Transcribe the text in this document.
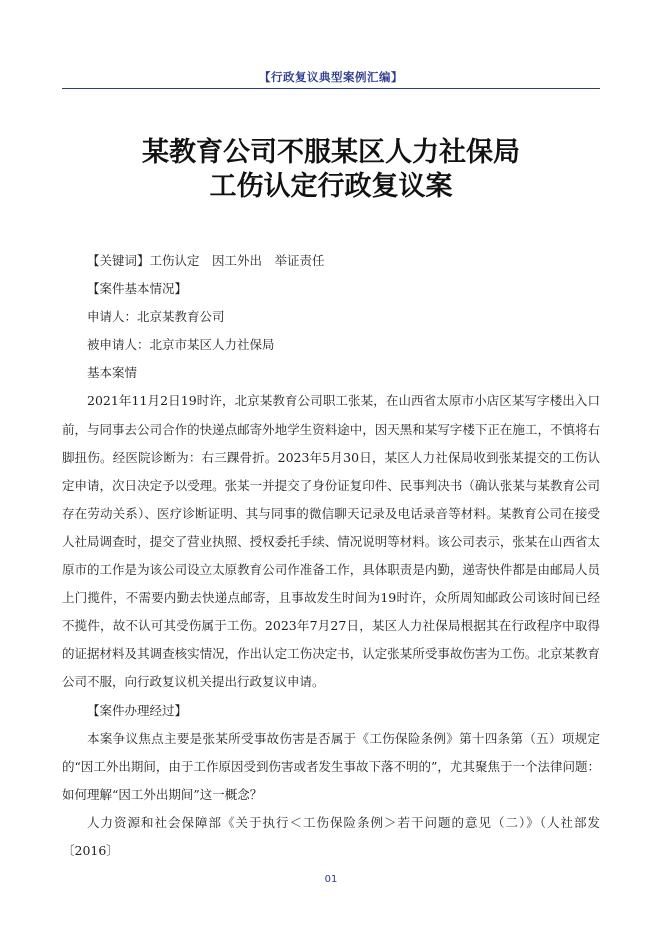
【行政复议典型案例汇编】
某教育公司不服某区人力社保局
工伤认定行政复议案

【关键词】工伤认定　因工外出　举证责任

【案件基本情况】

申请人：北京某教育公司

被申请人：北京市某区人力社保局

基本案情

2021年11月2日19时许，北京某教育公司职工张某，在山西省太原市小店区某写字楼出入口前，与同事去公司合作的快递点邮寄外地学生资料途中，因天黑和某写字楼下正在施工，不慎将右脚扭伤。经医院诊断为：右三踝骨折。2023年5月30日，某区人力社保局收到张某提交的工伤认定申请，次日决定予以受理。张某一并提交了身份证复印件、民事判决书（确认张某与某教育公司存在劳动关系）、医疗诊断证明、其与同事的微信聊天记录及电话录音等材料。某教育公司在接受人社局调查时，提交了营业执照、授权委托手续、情况说明等材料。该公司表示，张某在山西省太原市的工作是为该公司设立太原教育公司作准备工作，具体职责是内勤，递寄快件都是由邮局人员上门揽件，不需要内勤去快递点邮寄，且事故发生时间为19时许，众所周知邮政公司该时间已经不揽件，故不认可其受伤属于工伤。2023年7月27日，某区人力社保局根据其在行政程序中取得的证据材料及其调查核实情况，作出认定工伤决定书，认定张某所受事故伤害为工伤。北京某教育公司不服，向行政复议机关提出行政复议申请。

【案件办理经过】

本案争议焦点主要是张某所受事故伤害是否属于《工伤保险条例》第十四条第（五）项规定的“因工外出期间，由于工作原因受到伤害或者发生事故下落不明的”，尤其聚焦于一个法律问题：如何理解“因工外出期间”这一概念？

人力资源和社会保障部《关于执行＜工伤保险条例＞若干问题的意见（二）》（人社部发〔2016〕

01
